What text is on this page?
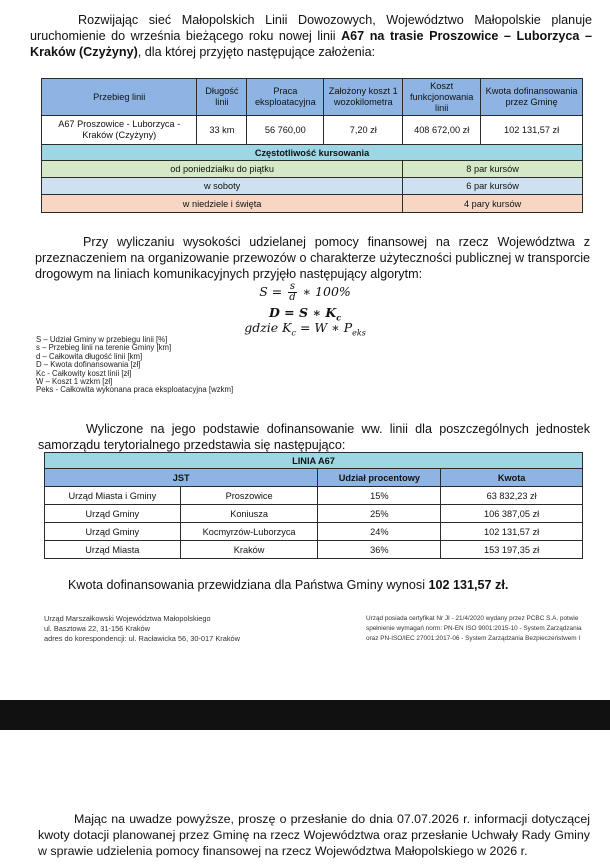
Rozwijając sieć Małopolskich Linii Dowozowych, Województwo Małopolskie planuje uruchomienie do września bieżącego roku nowej linii A67 na trasie Proszowice – Luborzyca – Kraków (Czyżyny), dla której przyjęto następujące założenia:

Przebieg linii	Długość linii	Praca eksploatacyjna	Założony koszt 1 wozokilometra	Koszt funkcjonowania linii	Kwota dofinansowania przez Gminę
A67 Proszowice - Luborzyca - Kraków (Czyżyny)	33 km	56 760,00	7,20 zł	408 672,00 zł	102 131,57 zł
Częstotliwość kursowania					
od poniedziałku do piątku				8 par kursów	
w soboty				6 par kursów	
w niedziele i święta				4 pary kursów	

Przy wyliczaniu wysokości udzielanej pomocy finansowej na rzecz Województwa z przeznaczeniem na organizowanie przewozów o charakterze użyteczności publicznej w transporcie drogowym na liniach komunikacyjnych przyjęło następujący algorytm:

$S = \frac{s}{d}$ ∗ 100%
D = S ∗ $K_c$
gdzie $K_c = W$ ∗ $P_{eks}$
S – Udział Gminy w przebiegu linii [%]
s – Przebieg linii na terenie Gminy [km]
d – Całkowita długość linii [km]
D – Kwota dofinansowania [zł]
Kc - Całkowity koszt linii [zł]
W – Koszt 1 wzkm [zł]
Peks - Całkowita wykonana praca eksploatacyjna [wzkm]

Wyliczone na jego podstawie dofinansowanie ww. linii dla poszczególnych jednostek samorządu terytorialnego przedstawia się następująco:

LINIA A67			
JST		Udział procentowy	Kwota
Urząd Miasta i Gminy	Proszowice	15%	63 832,23 zł
Urząd Gminy	Koniusza	25%	106 387,05 zł
Urząd Gminy	Kocmyrzów-Luborzyca	24%	102 131,57 zł
Urząd Miasta	Kraków	36%	153 197,35 zł
Kwota dofinansowania przewidziana dla Państwa Gminy wynosi 102 131,57 zł.
Urząd Marszałkowski Województwa Małopolskiego
ul. Basztowa 22, 31-156 Kraków
adres do korespondencji: ul. Racławicka 56, 30-017 Kraków
Urząd posiada certyfikat Nr JI - 21/4/2020 wydany przez PCBC S.A. potwie
spełnienie wymagań norm: PN-EN ISO 9001:2015-10 - System Zarządzania
oraz PN-ISO/IEC 27001:2017-06 - System Zarządzania Bezpieczeństwem I

Mając na uwadze powyższe, proszę o przesłanie do dnia 07.07.2026 r. informacji dotyczącej kwoty dotacji planowanej przez Gminę na rzecz Województwa oraz przesłanie Uchwały Rady Gminy w sprawie udzielenia pomocy finansowej na rzecz Województwa Małopolskiego w 2026 r.
